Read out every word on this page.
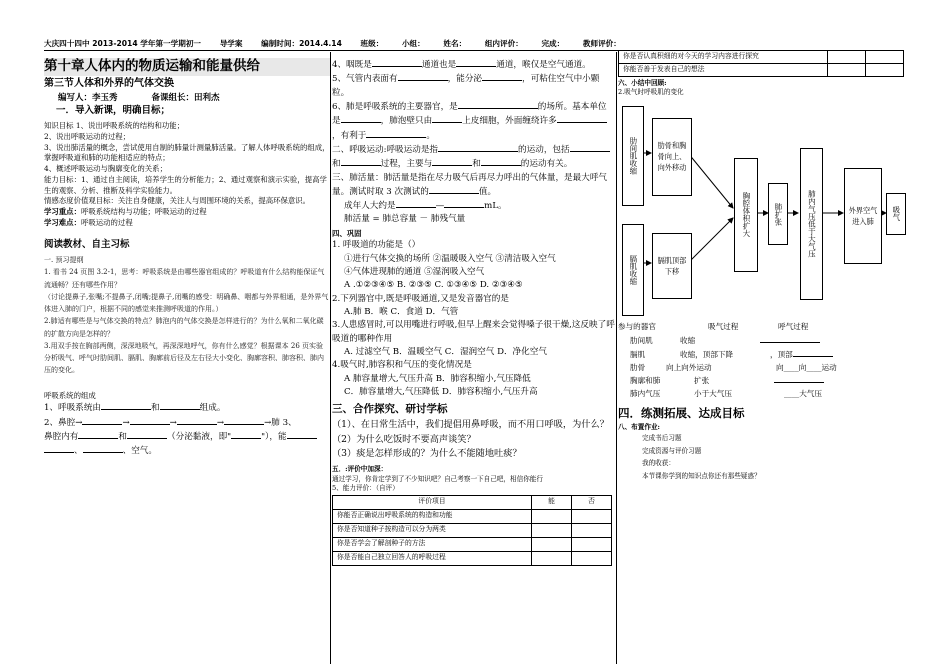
大庆四十四中 2013-2014 学年第一学期初一 导学案 编制时间：2014.4.14 班级： 小组： 姓名： 组内评价： 完成： 教师评价：

第十章人体内的物质运输和能量供给

第三节人体和外界的气体交换

编写人：李玉秀　　　　备课组长：田利杰

一．导入新课，明确目标；

知识目标 1、说出呼吸系统的结构和功能；

2、说出呼吸运动的过程；

3、说出肺活量的概念，尝试使用自制的肺量计测量肺活量。了解人体呼吸系统的组成，掌握呼吸道和肺的功能相适应的特点；

4、概述呼吸运动与胸廓变化的关系；

能力目标：1、通过自主阅读，培养学生的分析能力；2、通过观察和演示实验，提高学生的观察、分析、推断及科学实验能力。

情感态度价值观目标：关注自身健康，关注人与周围环境的关系，提高环保意识。

学习重点：呼吸系统结构与功能；呼吸运动的过程

学习难点：呼吸运动的过程

阅读教材、自主习标

一. 预习提纲

1. 看书 24 页图 3.2-1，思考：呼吸系统是由哪些器官组成的？呼吸道有什么结构能保证气流通畅？还有哪些作用？

（讨论提鼻子,张嘴;不提鼻子,闭嘴;提鼻子,闭嘴的感受：明确鼻、咽都与外界相通，是外界气体进入肺的门户，根据不同的感觉来推测呼吸道的作用。）

2.肺适有哪些是与气体交换的特点？肺泡内的气体交换是怎样进行的？为什么氧和二氧化碳的扩散方向是怎样的？

3.用双手按在胸部两侧，深深地吸气，再深深地呼气，你有什么感觉？根据课本 26 页实验分析吸气、呼气时肋间肌、膈肌、胸廓前后径及左右径大小变化、胸廓容积、肺容积、肺内压的变化。

呼吸系统的组成

1、呼吸系统由	和	组成。

2、鼻腔→	→	→	→	→肺 3、

鼻腔内有	和	（分泌黏液，即"	"），能

、	、空气。

4、咽既是	通道也是	通道，喉仅是空气通道。

5、气管内表面有	，能分泌	，可粘住空气中小颗粒。

6、肺是呼吸系统的主要器官，是	的场所。基本单位是	，肺泡壁只由	上皮细胞，外面缠绕许多，有利于	。

二、呼吸运动:呼吸运动是指	的运动，包括和	过程，主要与	和	的运动有关。

三、肺活量：肺活量是指在尽力吸气后再尽力呼出的气体量，是最大呼气量。测试时取 3 次测试的	值。

成年人大约是	—	mL。

肺活量 = 肺总容量 － 肺残气量

四、巩固

1. 呼吸道的功能是（）

①进行气体交换的场所 ②温暖吸入空气 ③清洁吸入空气

④气体进现肺的通道 ⑤湿润吸入空气

A .①②③④⑤ B. ②③⑤ C. ①③④⑤ D. ②③④⑤

2.下列器官中,既是呼吸通道,又是发音器官的是

A.肺 B．喉 C．食道 D．气管

3.人患感冒时,可以用嘴进行呼吸,但早上醒来会觉得嗓子很干燥,这反映了呼吸道的哪种作用

A. 过滤空气 B．温暖空气 C．湿润空气 D．净化空气

4.吸气时,肺容积和气压的变化情况是

A 肺容量增大,气压升高 B．肺容积缩小,气压降低

C．肺容量增大,气压降低 D．肺容积缩小,气压升高

三、合作探究、研讨学标

（1）、在日常生活中，我们提倡用鼻呼吸，而不用口呼吸，为什么？

（2）为什么吃饭时不要高声谈笑？

（3）痰是怎样形成的？为什么不能随地吐痰？

五．:评价中加深：

通过学习，你肯定学到了不少知识吧？自己考察一下自己吧，相信你能行

5、能力评价：（自评）

评价项目	能	否
你能否正确说出呼吸系统的构造和功能		
你是否知道种子按构造可以分为两类		
你是否学会了解剖种子的方法		
你是否能自己独立回答人的呼吸过程		
你是否认真积细的对今天的学习内容进行探究		
你能否善于发表自己的想法		

六、小结中回顾:

2.吸气时呼吸肌的变化

肋间肌收缩	肋骨和胸骨向上、向外移动
膈肌收缩	膈肌顶部下移
胸腔体积扩大	肺扩张	肺内气压低于大气压	外界空气进入肺	吸气

参与的器官	吸气过程	呼气过程

肋间肌	收缩

膈肌	收缩，顶部下降	，顶部

肋骨	向上向外运动	向____向____运动

胸廓和肺	扩张

肺内气压	小于大气压	____大气压

四．练测拓展、达成目标

八、布置作业:

完成书后习题

完成资源与评价习题

我的收获：

本节课你学到的知识点你还有那些疑惑？
